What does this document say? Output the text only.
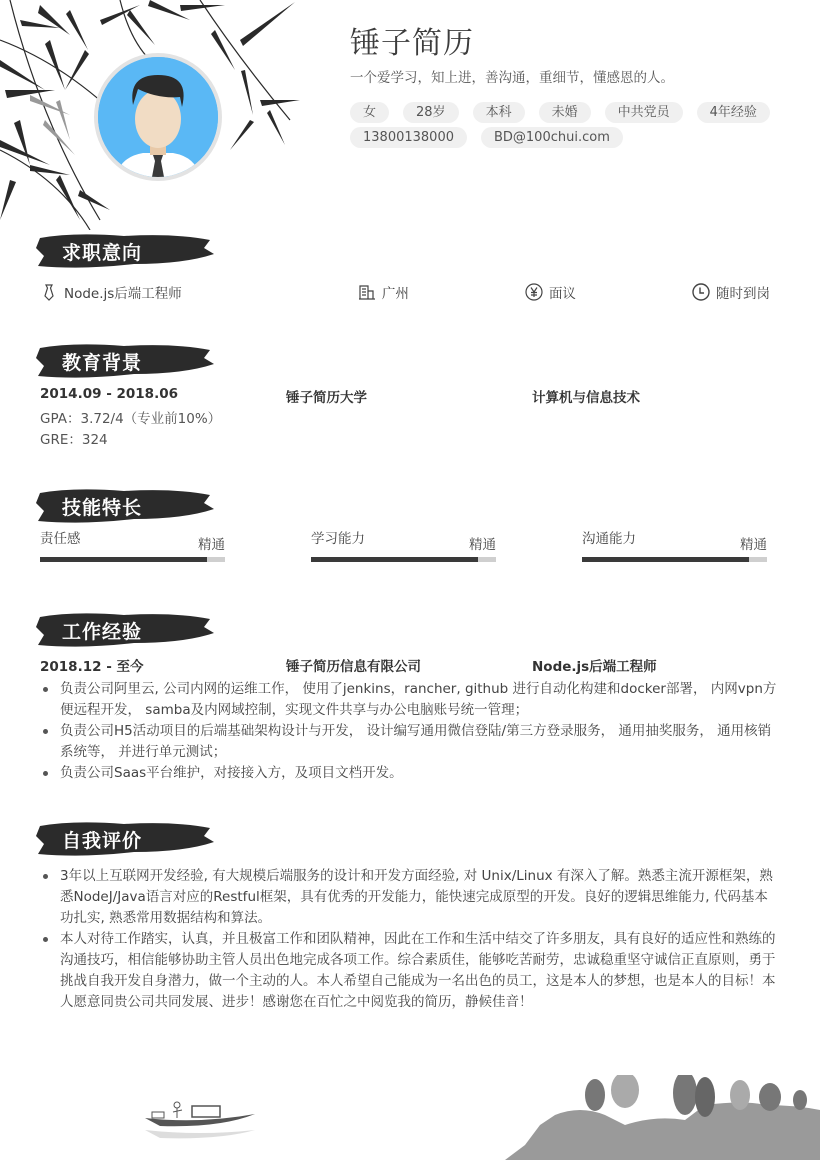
锤子简历
一个爱学习，知上进，善沟通，重细节，懂感恩的人。
女	28岁	本科	未婚	中共党员	4年经验
13800138000	BD@100chui.com
求职意向
Node.js后端工程师	广州	面议	随时到岗
教育背景
2014.09 - 2018.06	锤子简历大学	计算机与信息技术
GPA：3.72/4（专业前10%）
GRE：324
技能特长
责任感	精通	学习能力	精通	沟通能力	精通
工作经验
2018.12 - 至今	锤子简历信息有限公司	Node.js后端工程师
负责公司阿里云, 公司内网的运维工作， 使用了jenkins，rancher, github 进行自动化构建和docker部署， 内网vpn方便远程开发， samba及内网域控制，实现文件共享与办公电脑账号统一管理；
负责公司H5活动项目的后端基础架构设计与开发， 设计编写通用微信登陆/第三方登录服务， 通用抽奖服务， 通用核销系统等， 并进行单元测试；
负责公司Saas平台维护，对接接入方，及项目文档开发。
自我评价
3年以上互联网开发经验, 有大规模后端服务的设计和开发方面经验, 对 Unix/Linux 有深入了解。熟悉主流开源框架，熟悉NodeJ/Java语言对应的Restful框架，具有优秀的开发能力，能快速完成原型的开发。良好的逻辑思维能力, 代码基本功扎实, 熟悉常用数据结构和算法。
本人对待工作踏实，认真，并且极富工作和团队精神，因此在工作和生活中结交了许多朋友，具有良好的适应性和熟练的沟通技巧，相信能够协助主管人员出色地完成各项工作。综合素质佳，能够吃苦耐劳，忠诚稳重坚守诚信正直原则，勇于挑战自我开发自身潜力，做一个主动的人。本人希望自己能成为一名出色的员工，这是本人的梦想，也是本人的目标！本人愿意同贵公司共同发展、进步！感谢您在百忙之中阅览我的简历，静候佳音！
